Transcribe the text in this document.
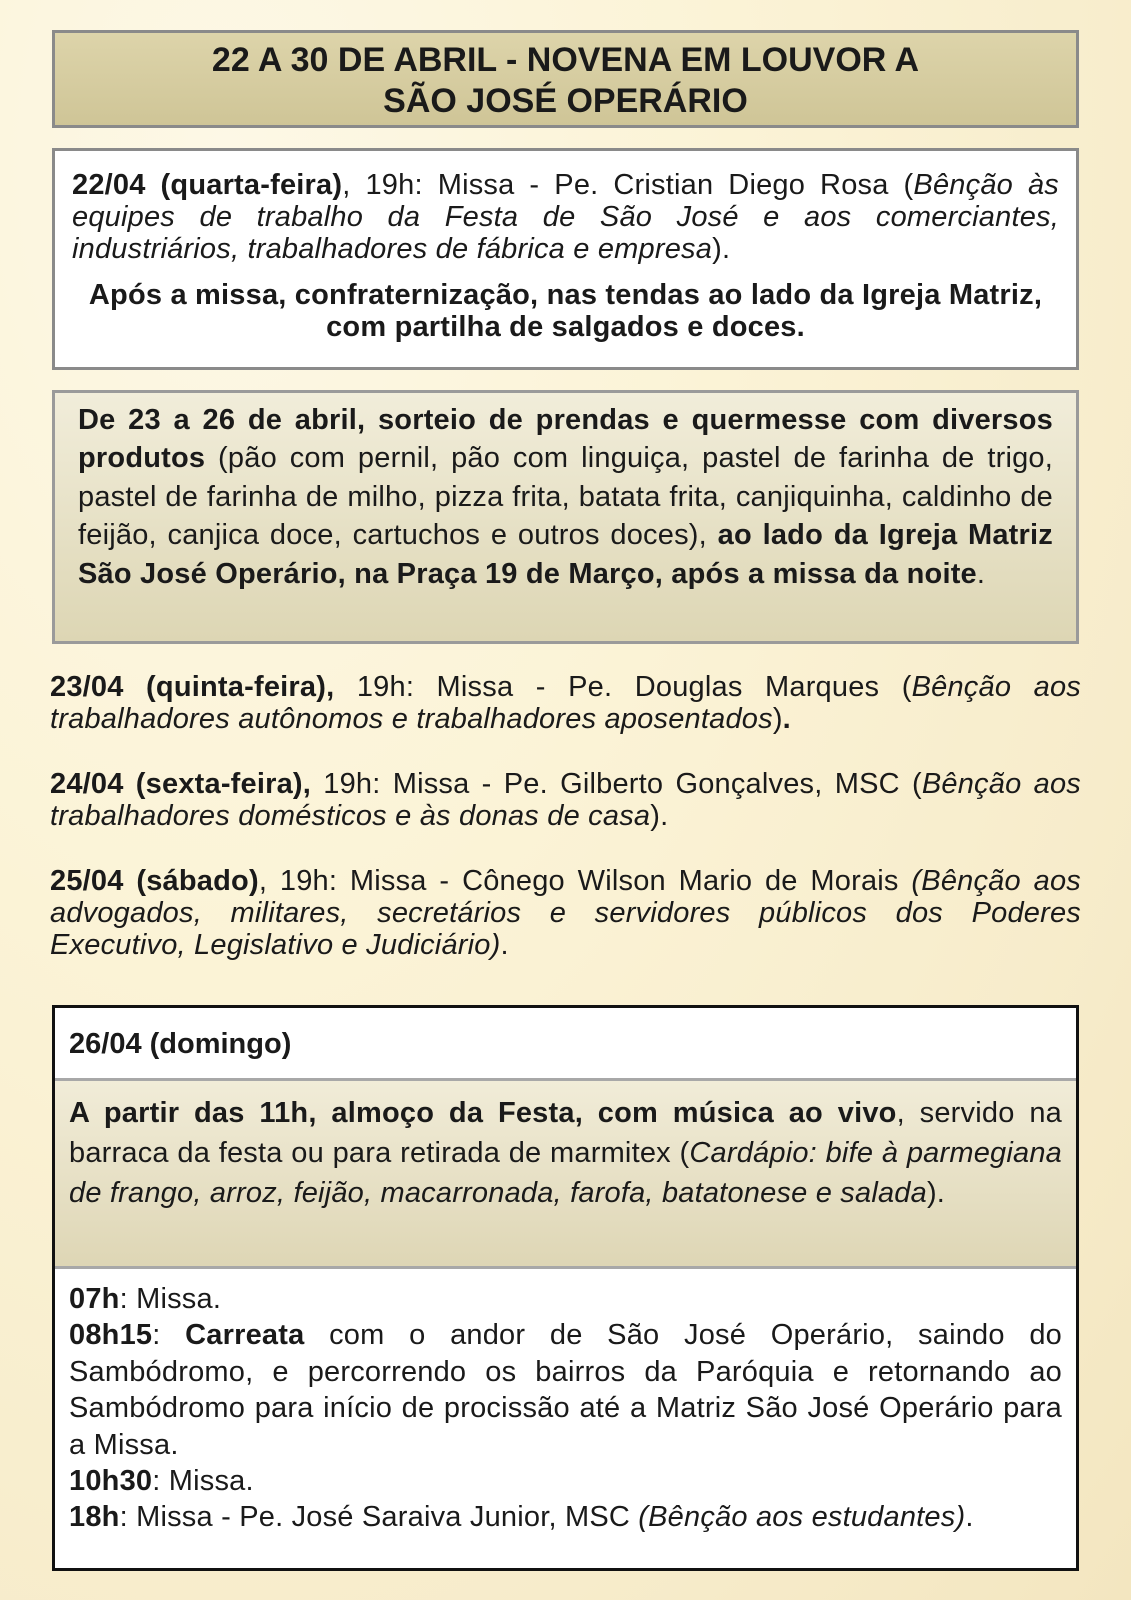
22 A 30 DE ABRIL - NOVENA EM LOUVOR A
SÃO JOSÉ OPERÁRIO
22/04 (quarta-feira), 19h: Missa - Pe. Cristian Diego Rosa (Bênção às equipes de trabalho da Festa de São José e aos comerciantes, industriários, trabalhadores de fábrica e empresa).
Após a missa, confraternização, nas tendas ao lado da Igreja Matriz, com partilha de salgados e doces.
De 23 a 26 de abril, sorteio de prendas e quermesse com diversos produtos (pão com pernil, pão com linguiça, pastel de farinha de trigo, pastel de farinha de milho, pizza frita, batata frita, canjiquinha, caldinho de feijão, canjica doce, cartuchos e outros doces), ao lado da Igreja Matriz São José Operário, na Praça 19 de Março, após a missa da noite.
23/04 (quinta-feira), 19h: Missa - Pe. Douglas Marques (Bênção aos trabalhadores autônomos e trabalhadores aposentados).
24/04 (sexta-feira), 19h: Missa - Pe. Gilberto Gonçalves, MSC (Bênção aos trabalhadores domésticos e às donas de casa).
25/04 (sábado), 19h: Missa - Cônego Wilson Mario de Morais (Bênção aos advogados, militares, secretários e servidores públicos dos Poderes Executivo, Legislativo e Judiciário).
26/04 (domingo)
A partir das 11h, almoço da Festa, com música ao vivo, servido na barraca da festa ou para retirada de marmitex (Cardápio: bife à parmegiana de frango, arroz, feijão, macarronada, farofa, batatonese e salada).
07h: Missa.
08h15: Carreata com o andor de São José Operário, saindo do Sambódromo, e percorrendo os bairros da Paróquia e retornando ao Sambódromo para início de procissão até a Matriz São José Operário para a Missa.
10h30: Missa.
18h: Missa - Pe. José Saraiva Junior, MSC (Bênção aos estudantes).
